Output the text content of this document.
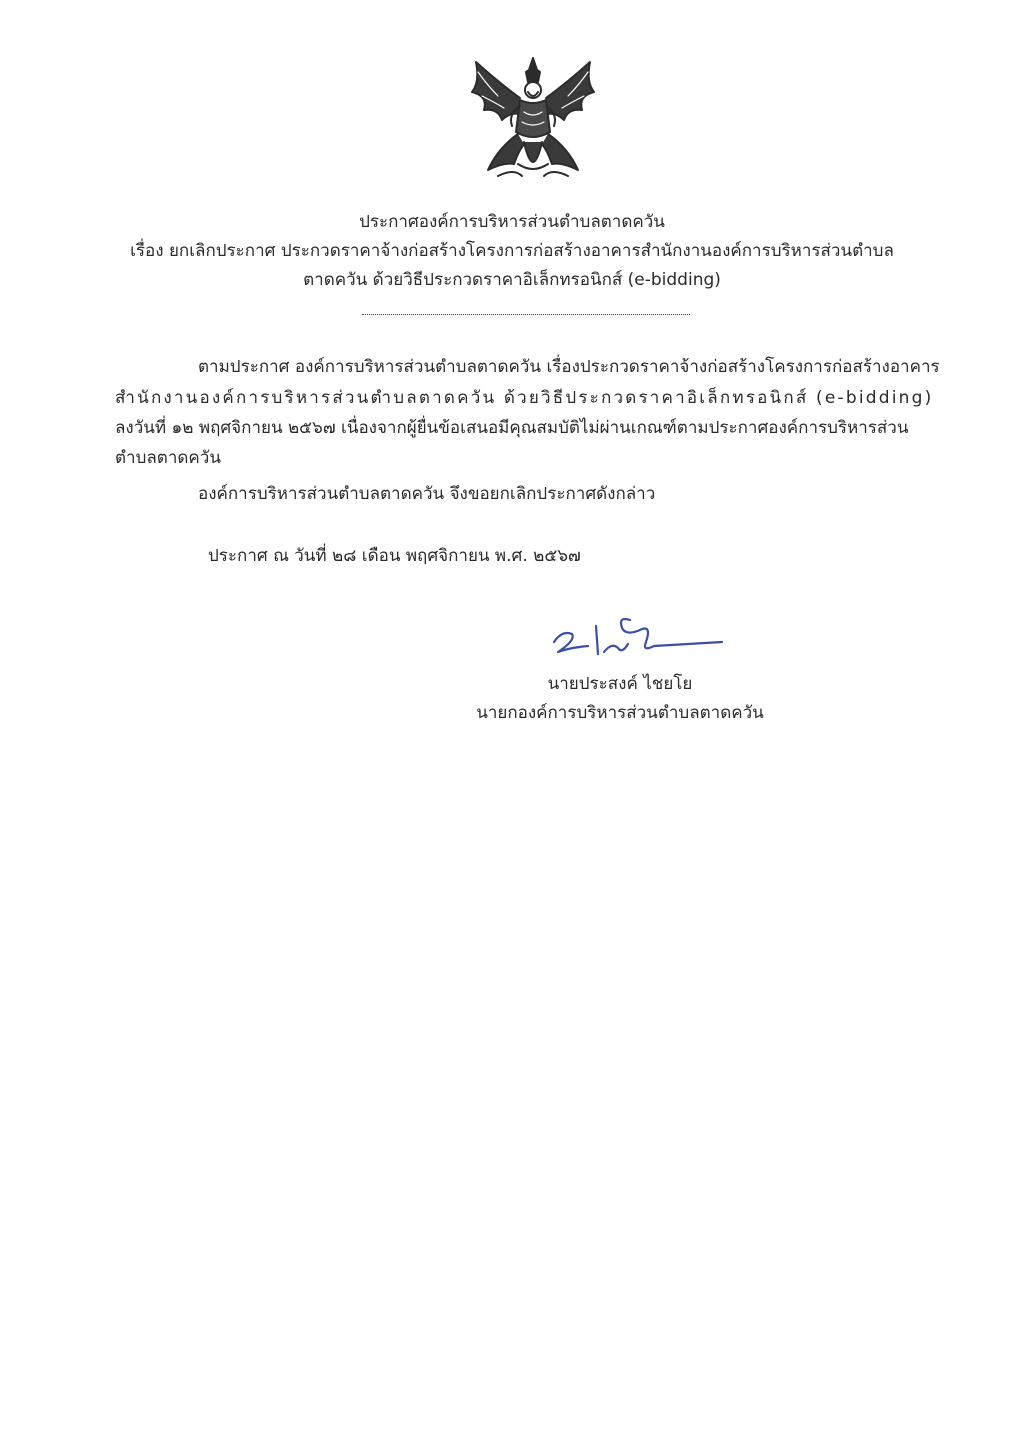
ประกาศองค์การบริหารส่วนตำบลตาดควัน
เรื่อง ยกเลิกประกาศ ประกวดราคาจ้างก่อสร้างโครงการก่อสร้างอาคารสำนักงานองค์การบริหารส่วนตำบล
ตาดควัน ด้วยวิธีประกวดราคาอิเล็กทรอนิกส์ (e-bidding)
ตามประกาศ องค์การบริหารส่วนตำบลตาดควัน เรื่องประกวดราคาจ้างก่อสร้างโครงการก่อสร้างอาคาร
สำนักงานองค์การบริหารส่วนตำบลตาดควัน ด้วยวิธีประกวดราคาอิเล็กทรอนิกส์ (e-bidding)
ลงวันที่ ๑๒ พฤศจิกายน ๒๕๖๗ เนื่องจากผู้ยื่นข้อเสนอมีคุณสมบัติไม่ผ่านเกณฑ์ตามประกาศองค์การบริหารส่วน
ตำบลตาดควัน
องค์การบริหารส่วนตำบลตาดควัน จึงขอยกเลิกประกาศดังกล่าว
ประกาศ ณ วันที่ ๒๘ เดือน พฤศจิกายน พ.ศ. ๒๕๖๗
นายประสงค์ ไชยโย
นายกองค์การบริหารส่วนตำบลตาดควัน
